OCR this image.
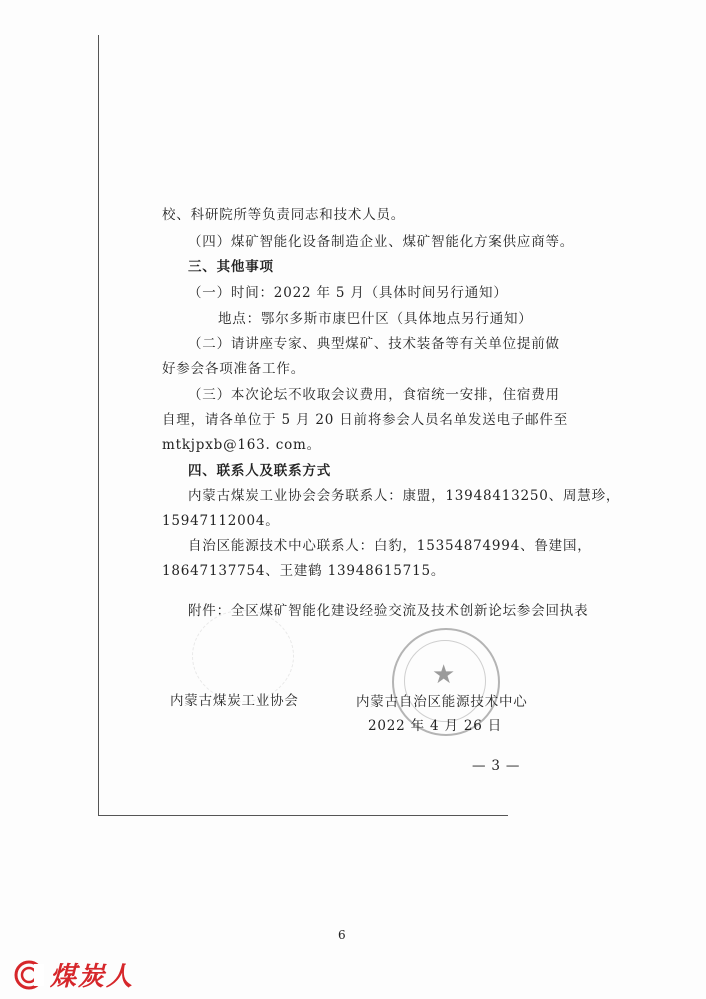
校、科研院所等负责同志和技术人员。
（四）煤矿智能化设备制造企业、煤矿智能化方案供应商等。
三、其他事项
（一）时间：2022 年 5 月（具体时间另行通知）
地点：鄂尔多斯市康巴什区（具体地点另行通知）
（二）请讲座专家、典型煤矿、技术装备等有关单位提前做
好参会各项准备工作。
（三）本次论坛不收取会议费用，食宿统一安排，住宿费用
自理，请各单位于 5 月 20 日前将参会人员名单发送电子邮件至
mtkjpxb@163. com。
四、联系人及联系方式
内蒙古煤炭工业协会会务联系人：康盟，13948413250、周慧珍，
15947112004。
自治区能源技术中心联系人：白豹，15354874994、鲁建国，
18647137754、王建鹤 13948615715。
附件：全区煤矿智能化建设经验交流及技术创新论坛参会回执表
★
内蒙古煤炭工业协会	内蒙古自治区能源技术中心
2022 年 4 月 26 日
— 3 —
6
煤炭人
